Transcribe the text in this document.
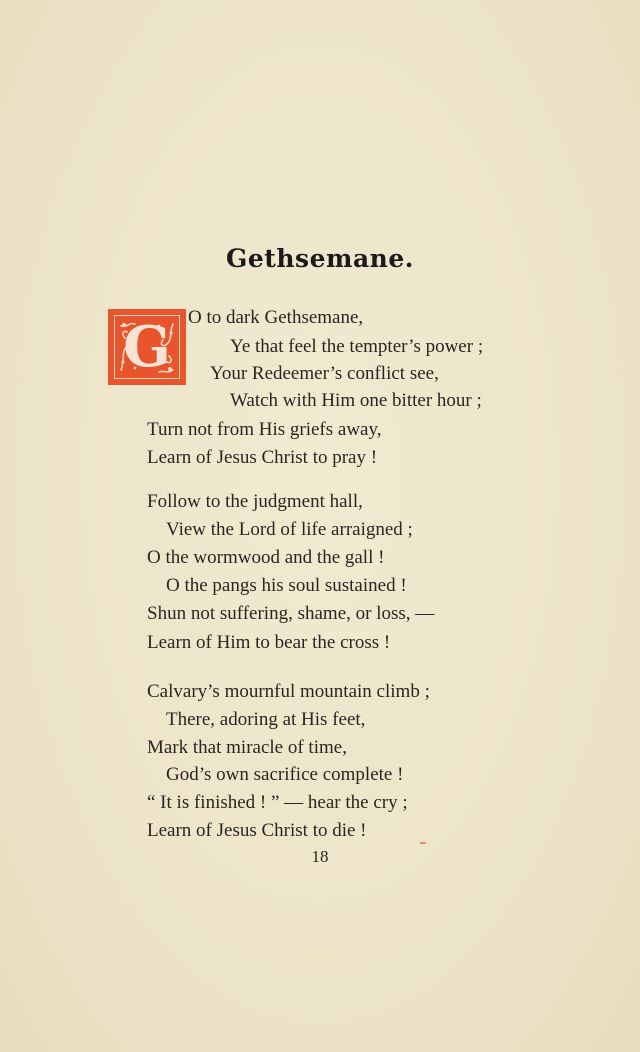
Gethsemane.
G O to dark Gethsemane,
Ye that feel the tempter’s power ;
Your Redeemer’s conflict see,
Watch with Him one bitter hour ;
Turn not from His griefs away,
Learn of Jesus Christ to pray !
Follow to the judgment hall,
View the Lord of life arraigned ;
O the wormwood and the gall !
O the pangs his soul sustained !
Shun not suffering, shame, or loss, —
Learn of Him to bear the cross !
Calvary’s mournful mountain climb ;
There, adoring at His feet,
Mark that miracle of time,
God’s own sacrifice complete !
“ It is finished ! ” — hear the cry ;
Learn of Jesus Christ to die !
18
